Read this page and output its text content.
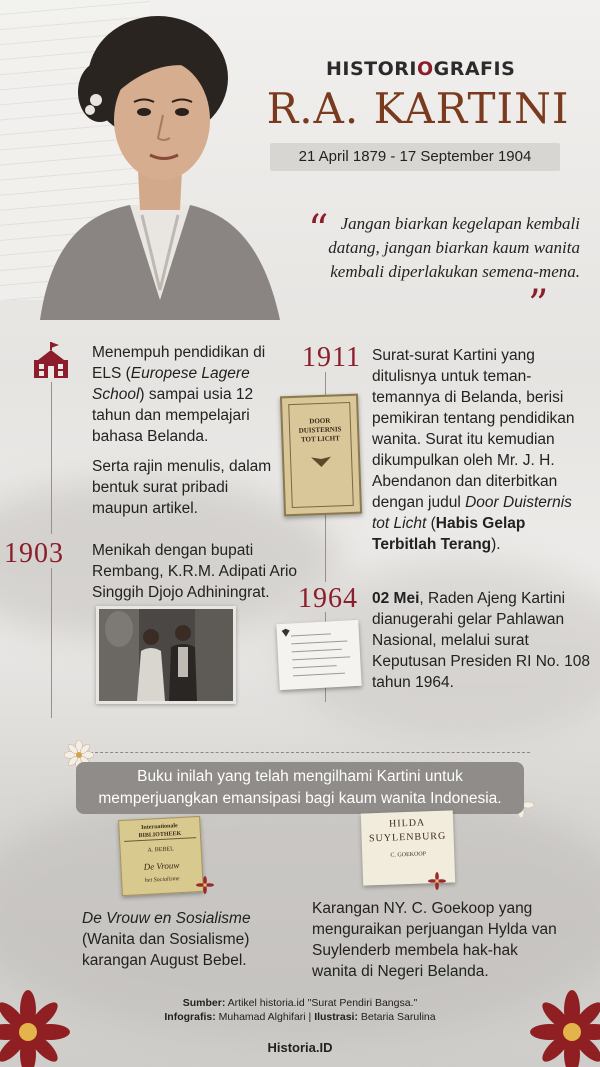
HISTORIOGRAFIS
R.A. KARTINI
21 April 1879 - 17 September 1904
“ Jangan biarkan kegelapan kembali datang, jangan biarkan kaum wanita kembali diperlakukan semena-mena.
”
Menempuh pendidikan di ELS (Europese Lagere School) sampai usia 12 tahun dan mempelajari bahasa Belanda.
Serta rajin menulis, dalam bentuk surat pribadi maupun artikel.
1903 Menikah dengan bupati Rembang, K.R.M. Adipati Ario Singgih Djojo Adhiningrat.
1911
DOOR DUISTERNIS TOT LICHT
Surat-surat Kartini yang ditulisnya untuk teman-temannya di Belanda, berisi pemikiran tentang pendidikan wanita. Surat itu kemudian dikumpulkan oleh Mr. J. H. Abendanon dan diterbitkan dengan judul Door Duisternis tot Licht (Habis Gelap Terbitlah Terang).
1964 02 Mei, Raden Ajeng Kartini dianugerahi gelar Pahlawan Nasional, melalui surat Keputusan Presiden RI No. 108 tahun 1964.
Buku inilah yang telah mengilhami Kartini untuk memperjuangkan emansipasi bagi kaum wanita Indonesia.
Internationale BIBLIOTHEEK
A. BEBEL
De Vrouw
het Socialisme
De Vrouw en Sosialisme
(Wanita dan Sosialisme) karangan August Bebel.
HILDA
SUYLENBURG
C. GOEKOOP
Karangan NY. C. Goekoop yang menguraikan perjuangan Hylda van Suylenderb membela hak-hak wanita di Negeri Belanda.
Sumber: Artikel historia.id "Surat Pendiri Bangsa."
Infografis: Muhamad Alghifari | Ilustrasi: Betaria Sarulina
Historia.ID
